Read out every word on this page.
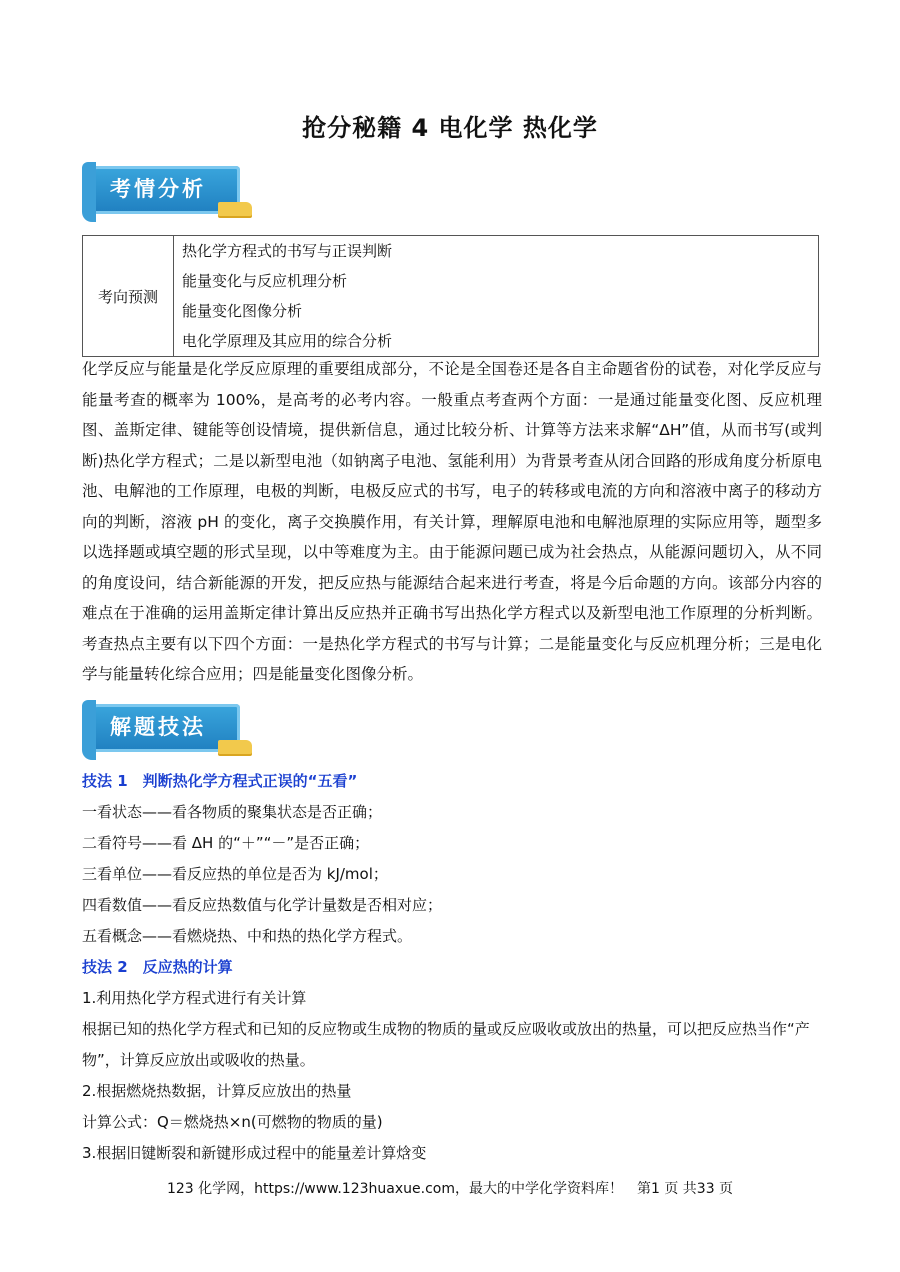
抢分秘籍 4 电化学 热化学
考情分析
考向预测	
热化学方程式的书写与正误判断
能量变化与反应机理分析
能量变化图像分析
电化学原理及其应用的综合分析

化学反应与能量是化学反应原理的重要组成部分，不论是全国卷还是各自主命题省份的试卷，对化学反应与能量考查的概率为 100%，是高考的必考内容。一般重点考查两个方面：一是通过能量变化图、反应机理图、盖斯定律、键能等创设情境，提供新信息，通过比较分析、计算等方法来求解“ΔH”值，从而书写(或判断)热化学方程式；二是以新型电池（如钠离子电池、氢能利用）为背景考查从闭合回路的形成角度分析原电池、电解池的工作原理，电极的判断，电极反应式的书写，电子的转移或电流的方向和溶液中离子的移动方向的判断，溶液 pH 的变化，离子交换膜作用，有关计算，理解原电池和电解池原理的实际应用等，题型多以选择题或填空题的形式呈现，以中等难度为主。由于能源问题已成为社会热点，从能源问题切入，从不同的角度设问，结合新能源的开发，把反应热与能源结合起来进行考查，将是今后命题的方向。该部分内容的难点在于准确的运用盖斯定律计算出反应热并正确书写出热化学方程式以及新型电池工作原理的分析判断。考查热点主要有以下四个方面：一是热化学方程式的书写与计算；二是能量变化与反应机理分析；三是电化学与能量转化综合应用；四是能量变化图像分析。

解题技法
技法 1　判断热化学方程式正误的“五看”
一看状态——看各物质的聚集状态是否正确；
二看符号——看 ΔH 的“＋”“－”是否正确；
三看单位——看反应热的单位是否为 kJ/mol；
四看数值——看反应热数值与化学计量数是否相对应；
五看概念——看燃烧热、中和热的热化学方程式。
技法 2　反应热的计算
1.利用热化学方程式进行有关计算
根据已知的热化学方程式和已知的反应物或生成物的物质的量或反应吸收或放出的热量，可以把反应热当作“产物”，计算反应放出或吸收的热量。
2.根据燃烧热数据，计算反应放出的热量
计算公式：Q＝燃烧热×n(可燃物的物质的量)
3.根据旧键断裂和新键形成过程中的能量差计算焓变
123 化学网，https://www.123huaxue.com，最大的中学化学资料库！　第1 页 共33 页
